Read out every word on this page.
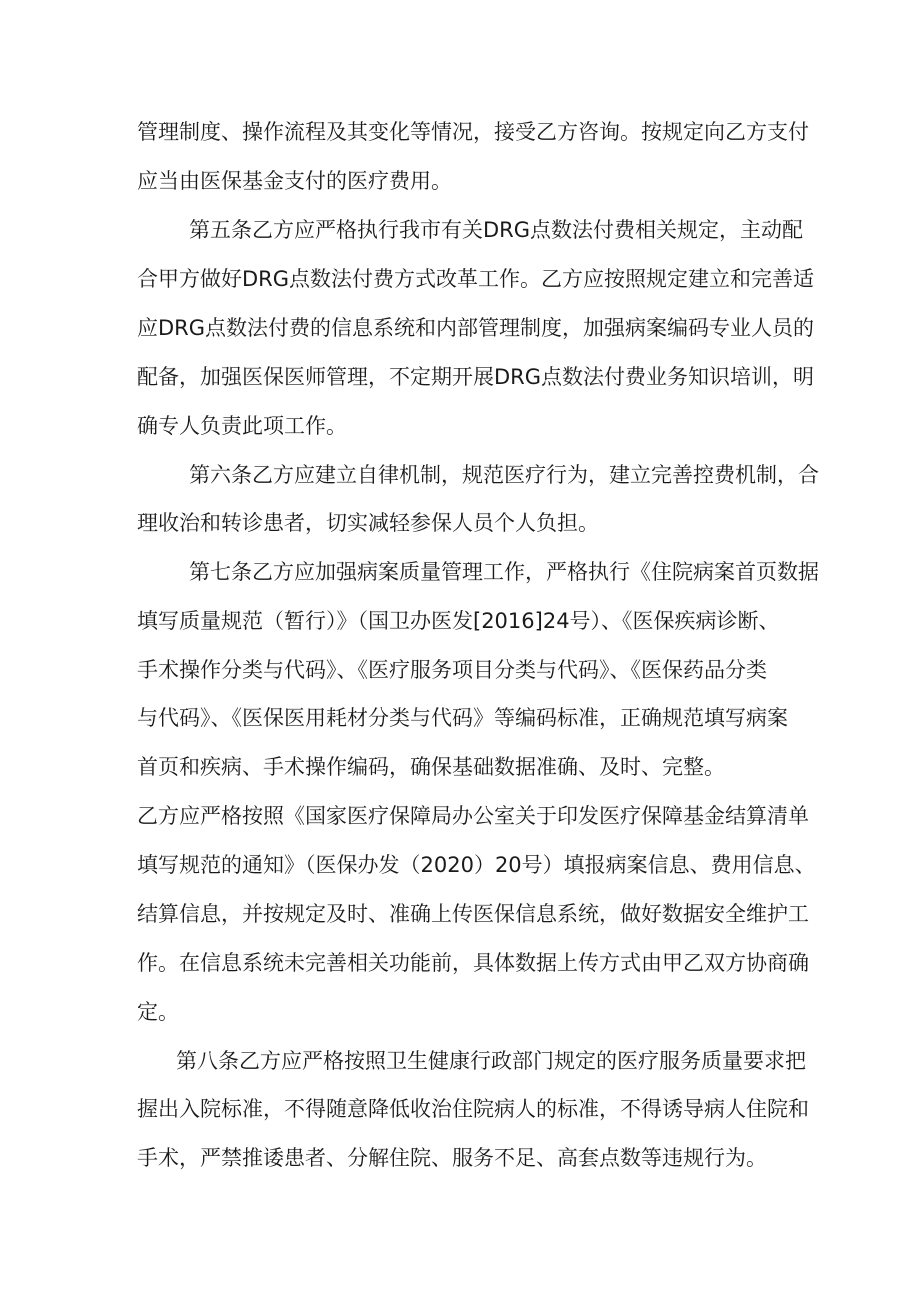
管理制度、操作流程及其变化等情况，接受乙方咨询。按规定向乙方支付

应当由医保基金支付的医疗费用。

第五条乙方应严格执行我市有关DRG点数法付费相关规定，主动配

合甲方做好DRG点数法付费方式改革工作。乙方应按照规定建立和完善适

应DRG点数法付费的信息系统和内部管理制度，加强病案编码专业人员的

配备，加强医保医师管理，不定期开展DRG点数法付费业务知识培训，明

确专人负责此项工作。

第六条乙方应建立自律机制，规范医疗行为，建立完善控费机制，合

理收治和转诊患者，切实减轻参保人员个人负担。

第七条乙方应加强病案质量管理工作，严格执行《住院病案首页数据

填写质量规范（暂行）》（国卫办医发[2016]24号）、《医保疾病诊断、

手术操作分类与代码》、《医疗服务项目分类与代码》、《医保药品分类

与代码》、《医保医用耗材分类与代码》等编码标准，正确规范填写病案

首页和疾病、手术操作编码，确保基础数据准确、及时、完整。

乙方应严格按照《国家医疗保障局办公室关于印发医疗保障基金结算清单

填写规范的通知》（医保办发（2020）20号）填报病案信息、费用信息、

结算信息，并按规定及时、准确上传医保信息系统，做好数据安全维护工

作。在信息系统未完善相关功能前，具体数据上传方式由甲乙双方协商确

定。

第八条乙方应严格按照卫生健康行政部门规定的医疗服务质量要求把

握出入院标准，不得随意降低收治住院病人的标准，不得诱导病人住院和

手术，严禁推诿患者、分解住院、服务不足、高套点数等违规行为。
